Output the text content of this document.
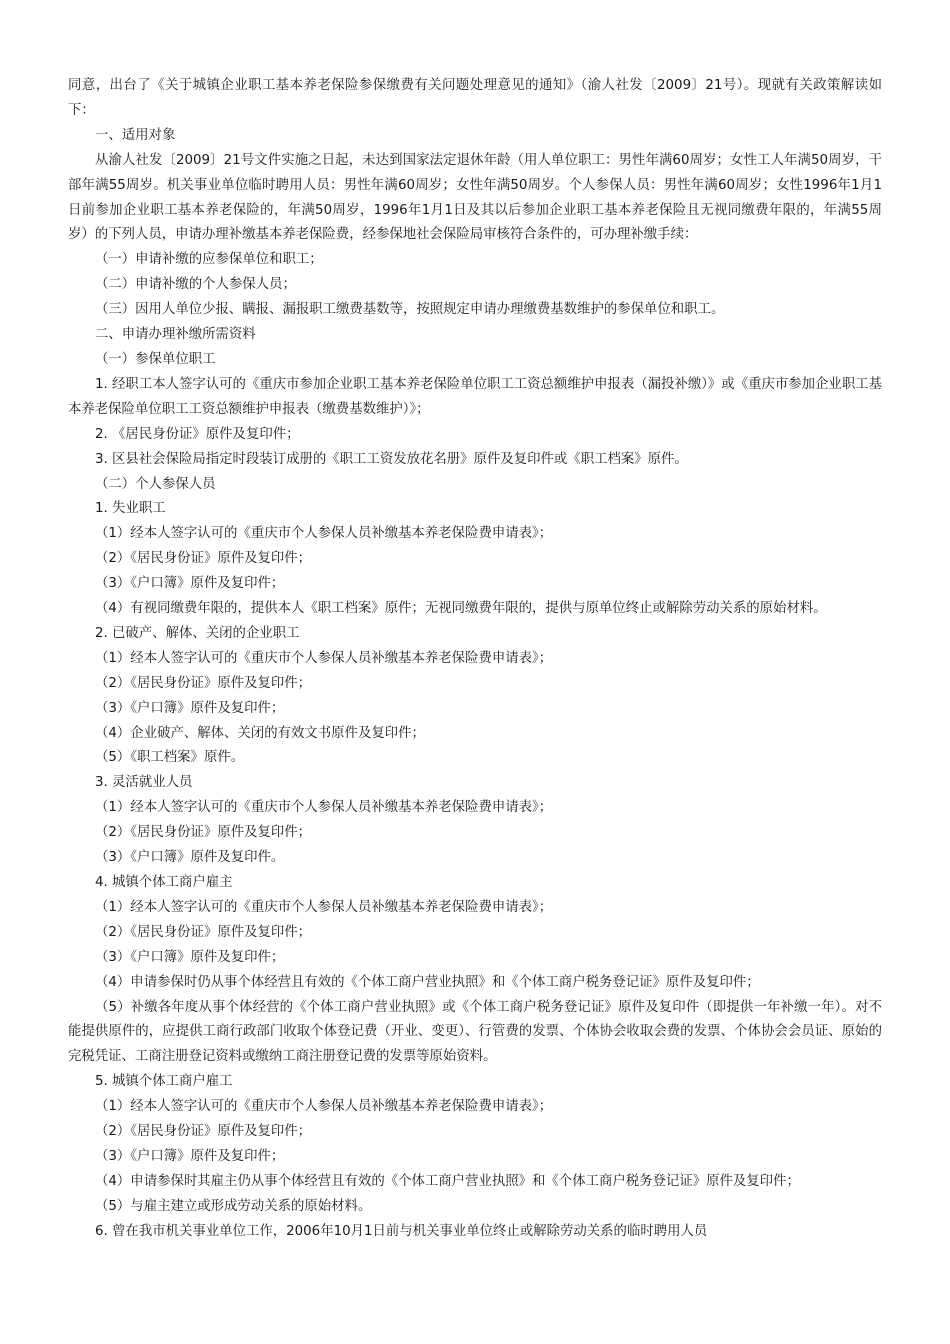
同意，出台了《关于城镇企业职工基本养老保险参保缴费有关问题处理意见的通知》（渝人社发〔2009〕21号）。现就有关政策解读如下：

一、适用对象

从渝人社发〔2009〕21号文件实施之日起，未达到国家法定退休年龄（用人单位职工：男性年满60周岁；女性工人年满50周岁，干部年满55周岁。机关事业单位临时聘用人员：男性年满60周岁；女性年满50周岁。个人参保人员：男性年满60周岁；女性1996年1月1日前参加企业职工基本养老保险的，年满50周岁，1996年1月1日及其以后参加企业职工基本养老保险且无视同缴费年限的，年满55周岁）的下列人员，申请办理补缴基本养老保险费，经参保地社会保险局审核符合条件的，可办理补缴手续：

（一）申请补缴的应参保单位和职工；

（二）申请补缴的个人参保人员；

（三）因用人单位少报、瞒报、漏报职工缴费基数等，按照规定申请办理缴费基数维护的参保单位和职工。

二、申请办理补缴所需资料

（一）参保单位职工

1. 经职工本人签字认可的《重庆市参加企业职工基本养老保险单位职工工资总额维护申报表（漏投补缴）》或《重庆市参加企业职工基本养老保险单位职工工资总额维护申报表（缴费基数维护）》；

2. 《居民身份证》原件及复印件；

3. 区县社会保险局指定时段装订成册的《职工工资发放花名册》原件及复印件或《职工档案》原件。

（二）个人参保人员

1. 失业职工

（1）经本人签字认可的《重庆市个人参保人员补缴基本养老保险费申请表》；

（2）《居民身份证》原件及复印件；

（3）《户口簿》原件及复印件；

（4）有视同缴费年限的，提供本人《职工档案》原件；无视同缴费年限的，提供与原单位终止或解除劳动关系的原始材料。

2. 已破产、解体、关闭的企业职工

（1）经本人签字认可的《重庆市个人参保人员补缴基本养老保险费申请表》；

（2）《居民身份证》原件及复印件；

（3）《户口簿》原件及复印件；

（4）企业破产、解体、关闭的有效文书原件及复印件；

（5）《职工档案》原件。

3. 灵活就业人员

（1）经本人签字认可的《重庆市个人参保人员补缴基本养老保险费申请表》；

（2）《居民身份证》原件及复印件；

（3）《户口簿》原件及复印件。

4. 城镇个体工商户雇主

（1）经本人签字认可的《重庆市个人参保人员补缴基本养老保险费申请表》；

（2）《居民身份证》原件及复印件；

（3）《户口簿》原件及复印件；

（4）申请参保时仍从事个体经营且有效的《个体工商户营业执照》和《个体工商户税务登记证》原件及复印件；

（5）补缴各年度从事个体经营的《个体工商户营业执照》或《个体工商户税务登记证》原件及复印件（即提供一年补缴一年）。对不能提供原件的，应提供工商行政部门收取个体登记费（开业、变更）、行管费的发票、个体协会收取会费的发票、个体协会会员证、原始的完税凭证、工商注册登记资料或缴纳工商注册登记费的发票等原始资料。

5. 城镇个体工商户雇工

（1）经本人签字认可的《重庆市个人参保人员补缴基本养老保险费申请表》；

（2）《居民身份证》原件及复印件；

（3）《户口簿》原件及复印件；

（4）申请参保时其雇主仍从事个体经营且有效的《个体工商户营业执照》和《个体工商户税务登记证》原件及复印件；

（5）与雇主建立或形成劳动关系的原始材料。

6. 曾在我市机关事业单位工作，2006年10月1日前与机关事业单位终止或解除劳动关系的临时聘用人员
